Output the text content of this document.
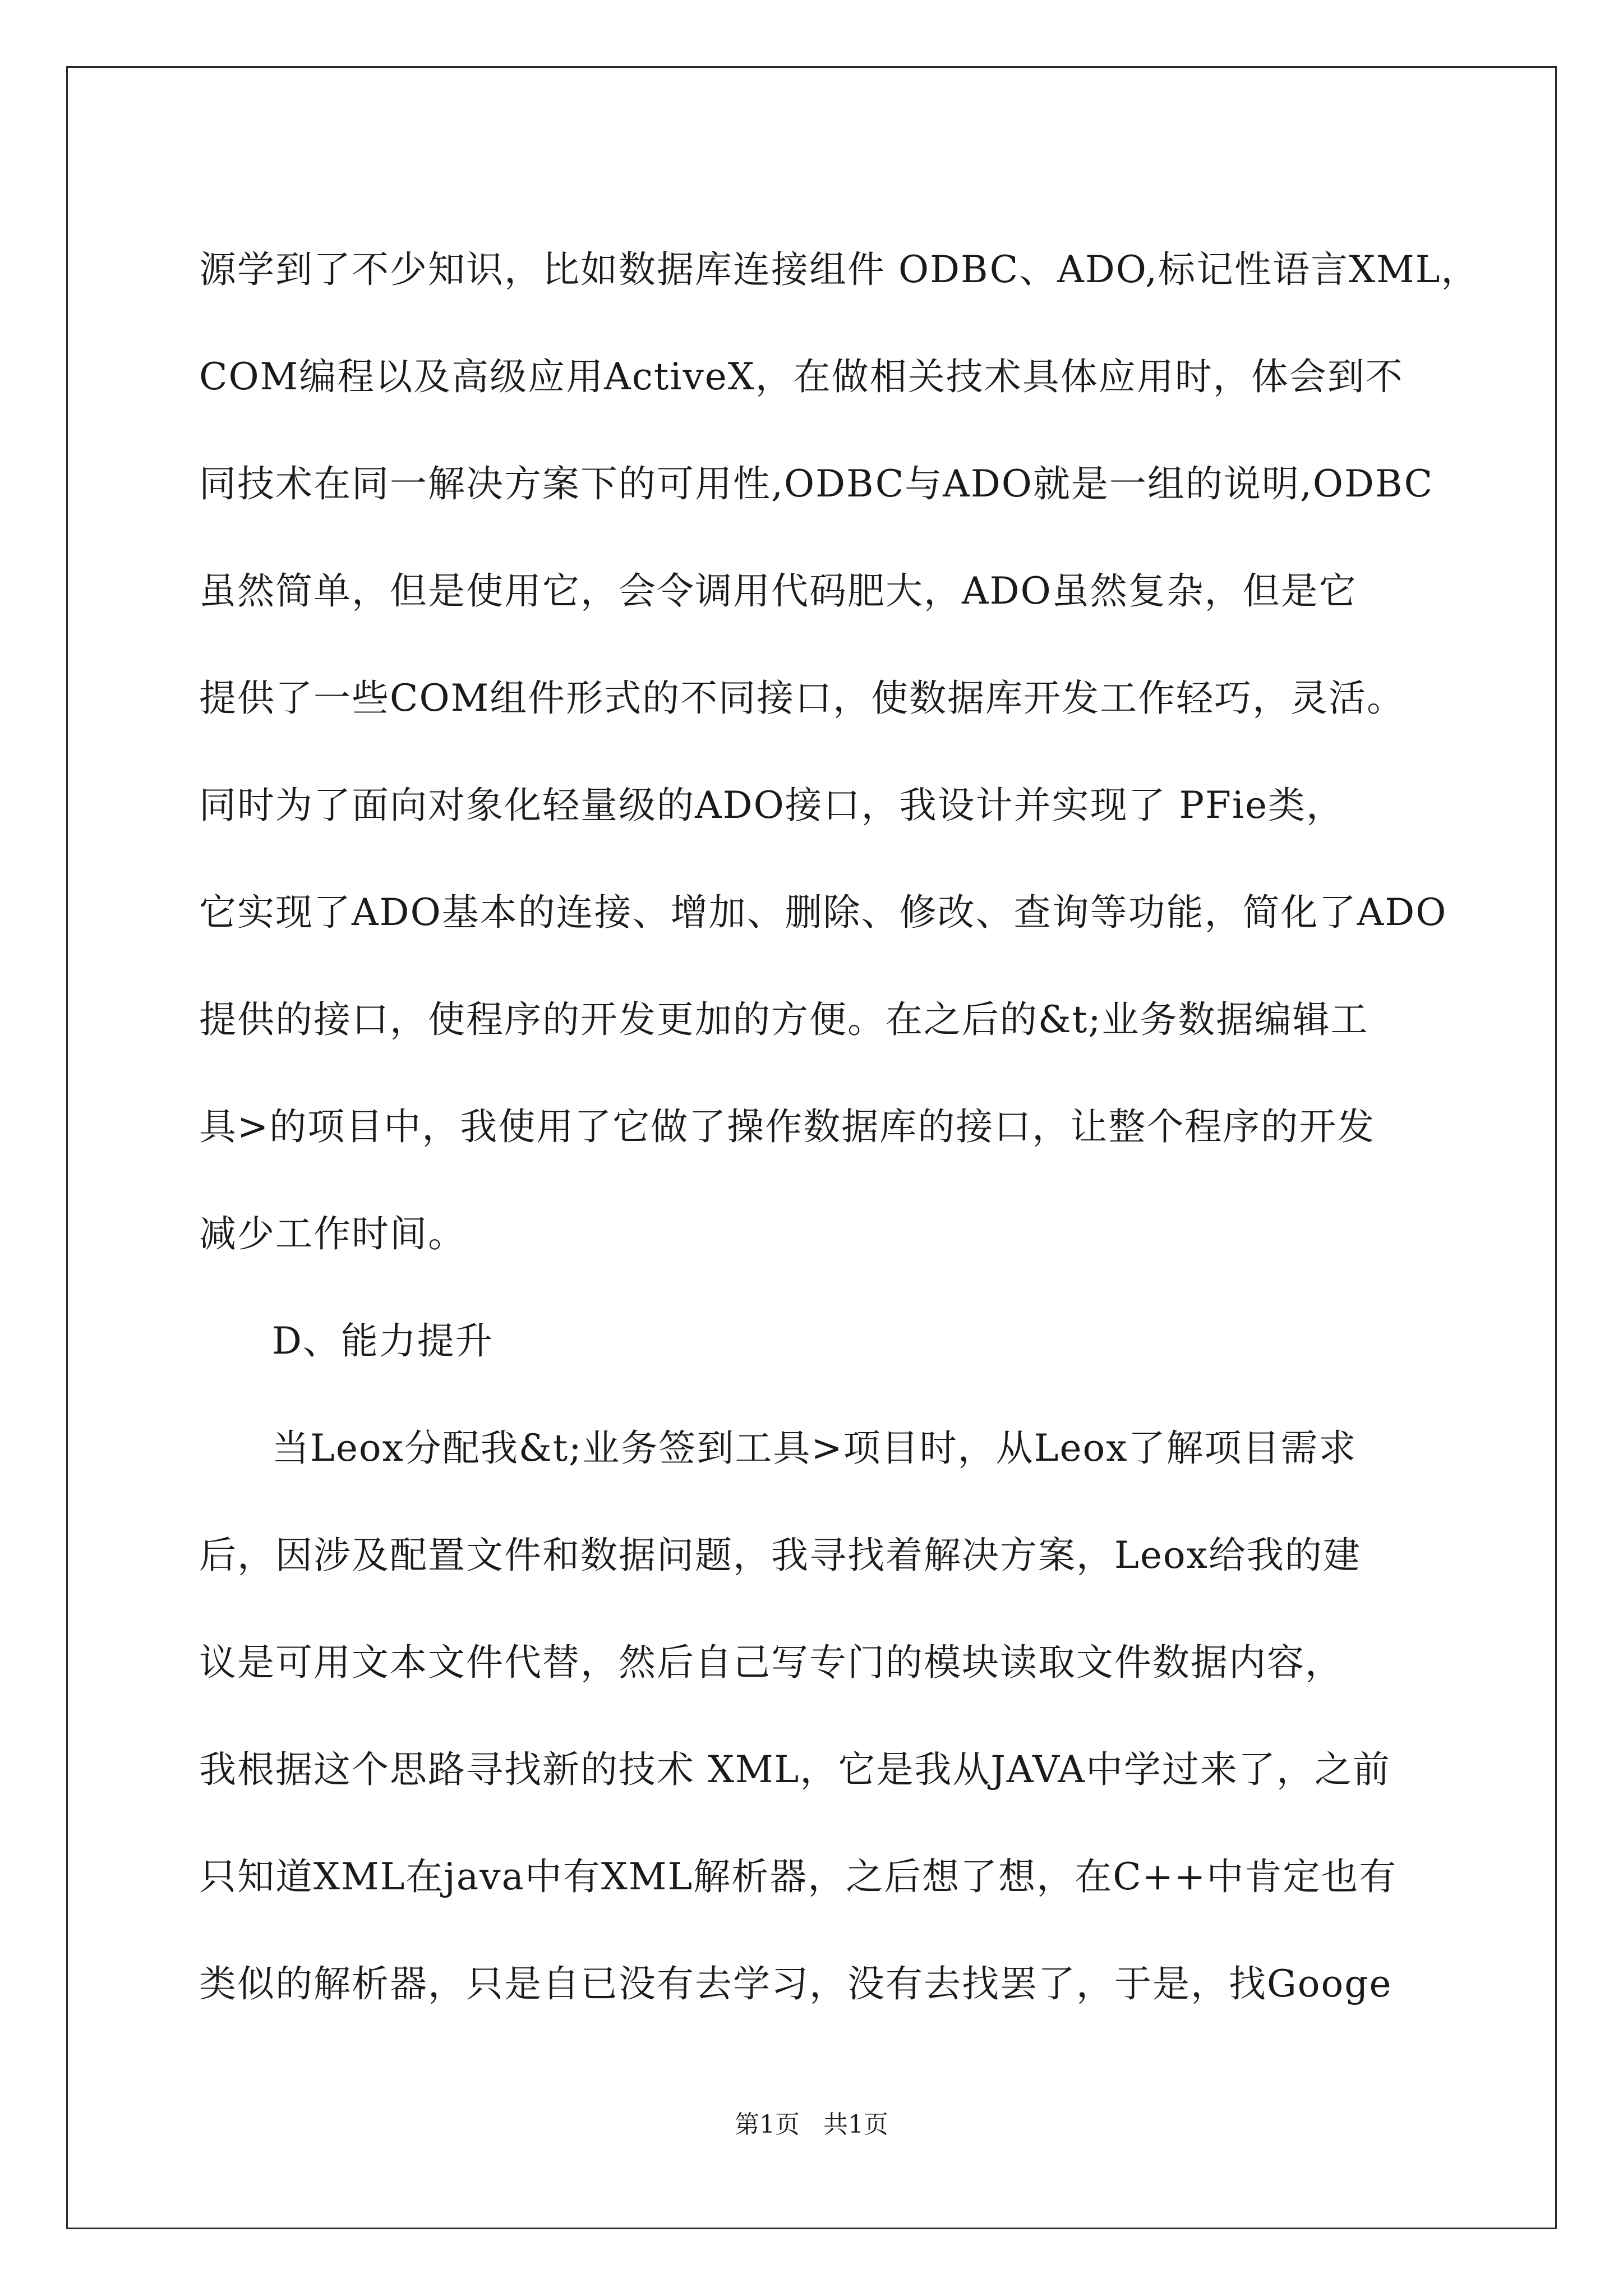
源学到了不少知识，比如数据库连接组件 ODBC、ADO,标记性语言XML，
COM编程以及高级应用ActiveX，在做相关技术具体应用时，体会到不
同技术在同一解决方案下的可用性,ODBC与ADO就是一组的说明,ODBC
虽然简单，但是使用它，会令调用代码肥大，ADO虽然复杂，但是它
提供了一些COM组件形式的不同接口，使数据库开发工作轻巧，灵活。
同时为了面向对象化轻量级的ADO接口，我设计并实现了 PFie类，
它实现了ADO基本的连接、增加、删除、修改、查询等功能，简化了ADO
提供的接口，使程序的开发更加的方便。在之后的&t;业务数据编辑工
具>的项目中，我使用了它做了操作数据库的接口，让整个程序的开发
减少工作时间。
D、能力提升
当Leox分配我&t;业务签到工具>项目时，从Leox了解项目需求
后，因涉及配置文件和数据问题，我寻找着解决方案，Leox给我的建
议是可用文本文件代替，然后自己写专门的模块读取文件数据内容，
我根据这个思路寻找新的技术 XML，它是我从JAVA中学过来了，之前
只知道XML在java中有XML解析器，之后想了想，在C++中肯定也有
类似的解析器，只是自已没有去学习，没有去找罢了，于是，找Googe
第1页   共1页
